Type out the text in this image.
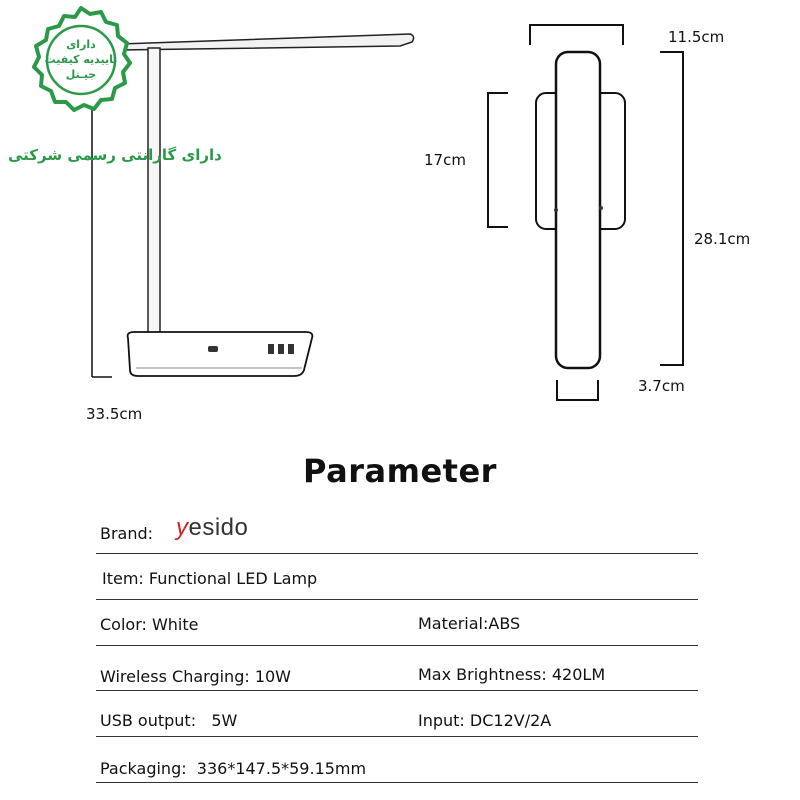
33.5cm
11.5cm
17cm
28.1cm
3.7cm
دارای
تاییدیه کیفیت
جیـتل
دارای گارانتی رسمی شرکتی
Parameter
Brand: yesido
Item: Functional LED Lamp
Color: White	Material:ABS
Wireless Charging: 10W	Max Brightness: 420LM
USB output:   5W	Input: DC12V/2A
Packaging:  336*147.5*59.15mm
